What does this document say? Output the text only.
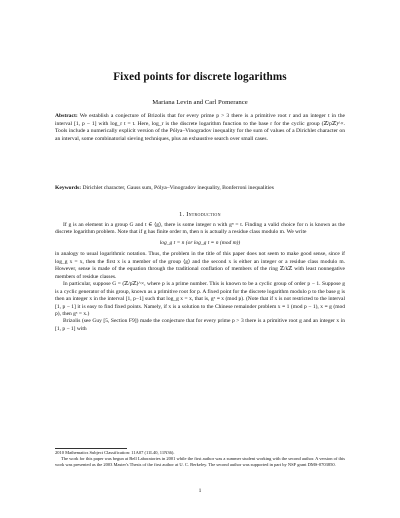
Fixed points for discrete logarithms
Mariana Levin and Carl Pomerance
Abstract: We establish a conjecture of Brizolis that for every prime p > 3 there is a primitive root r and an integer t in the interval [1, p − 1] with log_r t = t. Here, log_r is the discrete logarithm function to the base r for the cyclic group (ℤ/pℤ)^×. Tools include a numerically explicit version of the Pólya–Vinogradov inequality for the sum of values of a Dirichlet character on an interval, some combinatorial sieving techniques, plus an exhaustive search over small cases.
Keywords: Dirichlet character, Gauss sum, Pólya–Vinogradov inequality, Bonferroni inequalities
1. Introduction

If g is an element in a group G and t ∈ ⟨g⟩, there is some integer n with gⁿ = t. Finding a valid choice for n is known as the discrete logarithm problem. Note that if g has finite order m, then n is actually a residue class modulo m. We write

log_g t = n (or log_g t ≡ n (mod m))

in analogy to usual logarithmic notation. Thus, the problem in the title of this paper does not seem to make good sense, since if log_g x = x, then the first x is a member of the group ⟨g⟩ and the second x is either an integer or a residue class modulo m. However, sense is made of the equation through the traditional conflation of members of the ring ℤ/kℤ with least nonnegative members of residue classes.

In particular, suppose G = (ℤ/pℤ)^×, where p is a prime number. This is known to be a cyclic group of order p − 1. Suppose g is a cyclic generator of this group, known as a primitive root for p. A fixed point for the discrete logarithm modulo p to the base g is then an integer x in the interval [1, p−1] such that log_g x = x, that is, gˣ ≡ x (mod p). (Note that if x is not restricted to the interval [1, p − 1] it is easy to find fixed points. Namely, if x is a solution to the Chinese remainder problem x ≡ 1 (mod p − 1), x ≡ g (mod p), then gˣ = x.)

Brizolis (see Guy [5, Section F9]) made the conjecture that for every prime p > 3 there is a primitive root g and an integer x in [1, p − 1] with

2010 Mathematics Subject Classification: 11A07 (11L40, 11N36).

The work for this paper was begun at Bell Laboratories in 2001 while the first author was a summer student working with the second author. A version of this work was presented as the 2003 Master's Thesis of the first author at U. C. Berkeley. The second author was supported in part by NSF grant DMS-0703850.

1
